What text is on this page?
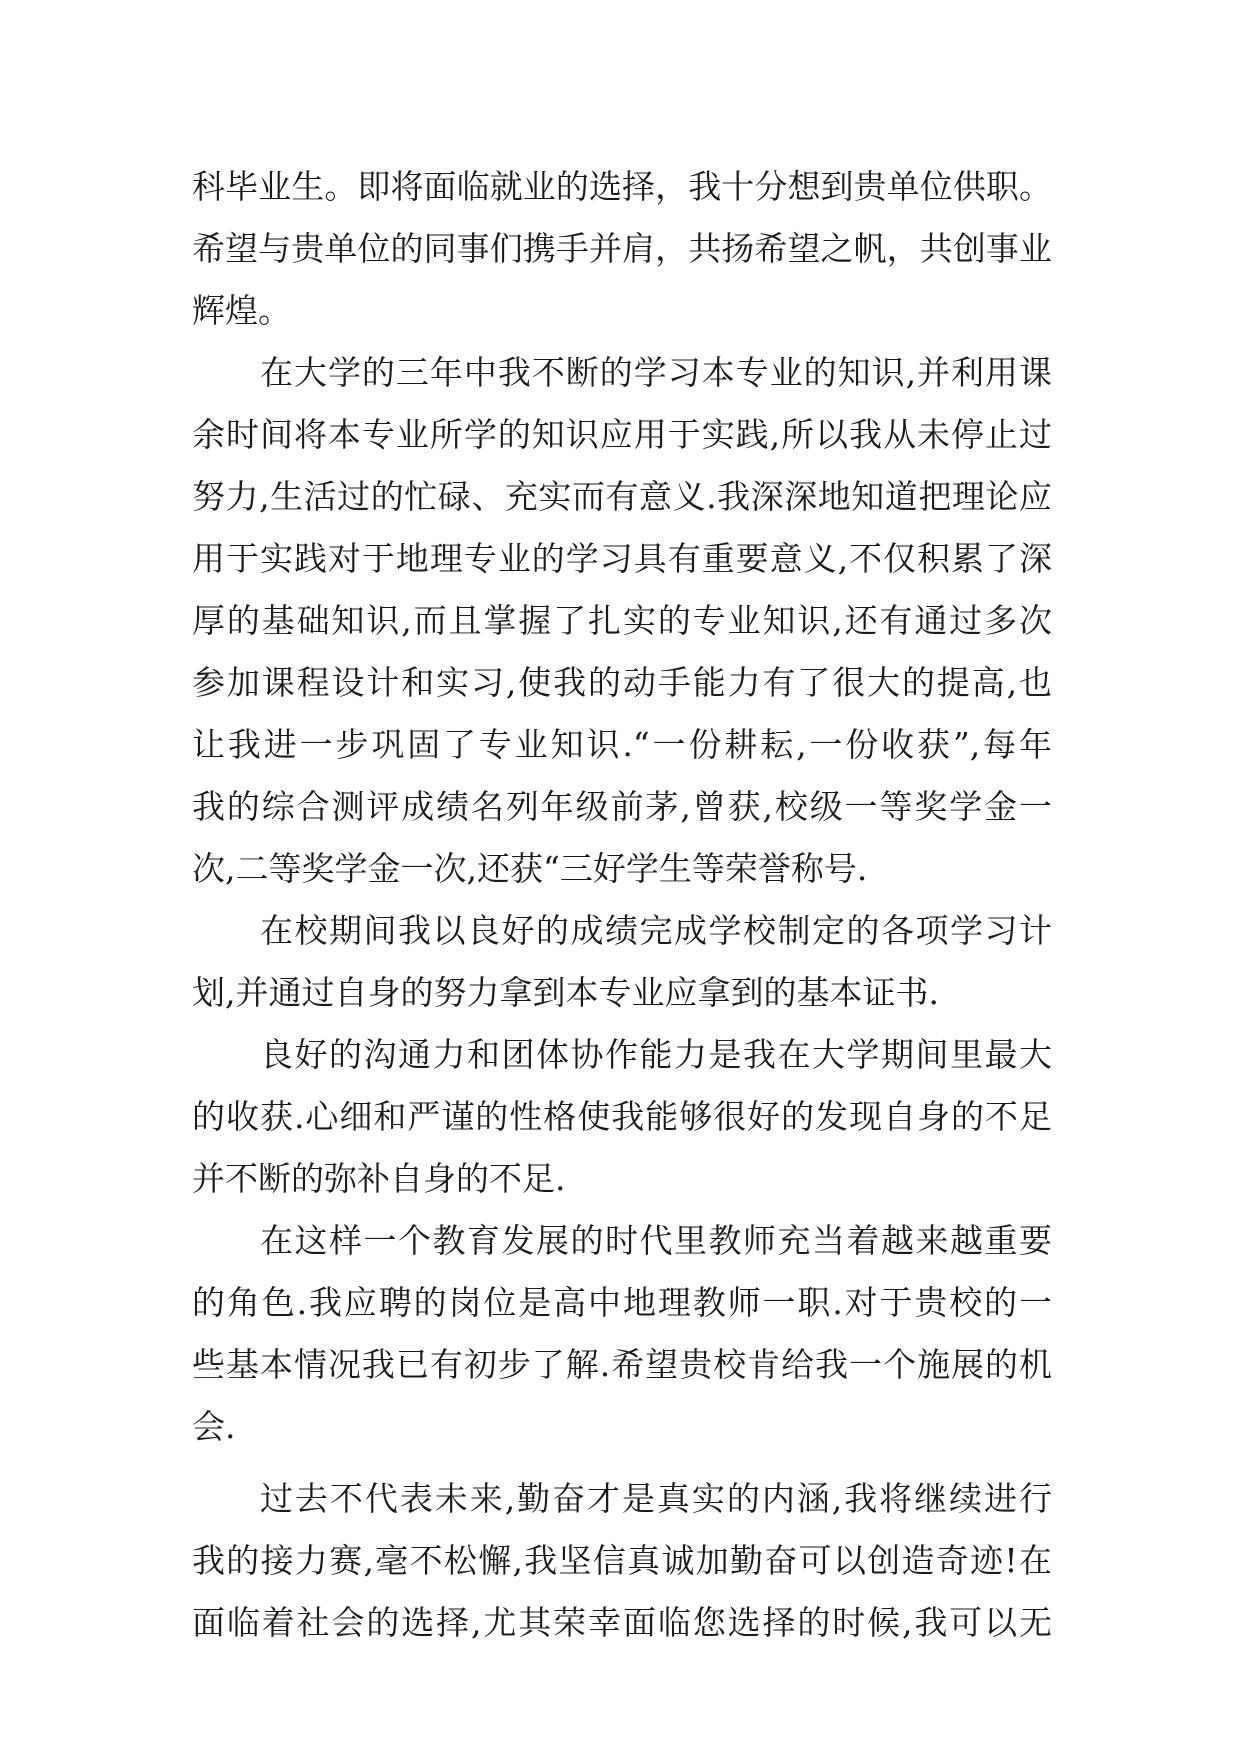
科毕业生。即将面临就业的选择，我十分想到贵单位供职。
希望与贵单位的同事们携手并肩，共扬希望之帆，共创事业
辉煌。
在大学的三年中我不断的学习本专业的知识,并利用课
余时间将本专业所学的知识应用于实践,所以我从未停止过
努力,生活过的忙碌、充实而有意义.我深深地知道把理论应
用于实践对于地理专业的学习具有重要意义,不仅积累了深
厚的基础知识,而且掌握了扎实的专业知识,还有通过多次
参加课程设计和实习,使我的动手能力有了很大的提高,也
让我进一步巩固了专业知识.“一份耕耘,一份收获”,每年
我的综合测评成绩名列年级前茅,曾获,校级一等奖学金一
次,二等奖学金一次,还获“三好学生等荣誉称号.
在校期间我以良好的成绩完成学校制定的各项学习计
划,并通过自身的努力拿到本专业应拿到的基本证书.
良好的沟通力和团体协作能力是我在大学期间里最大
的收获.心细和严谨的性格使我能够很好的发现自身的不足
并不断的弥补自身的不足.
在这样一个教育发展的时代里教师充当着越来越重要
的角色.我应聘的岗位是高中地理教师一职.对于贵校的一
些基本情况我已有初步了解.希望贵校肯给我一个施展的机
会.
过去不代表未来,勤奋才是真实的内涵,我将继续进行
我的接力赛,毫不松懈,我坚信真诚加勤奋可以创造奇迹!在
面临着社会的选择,尤其荣幸面临您选择的时候,我可以无
